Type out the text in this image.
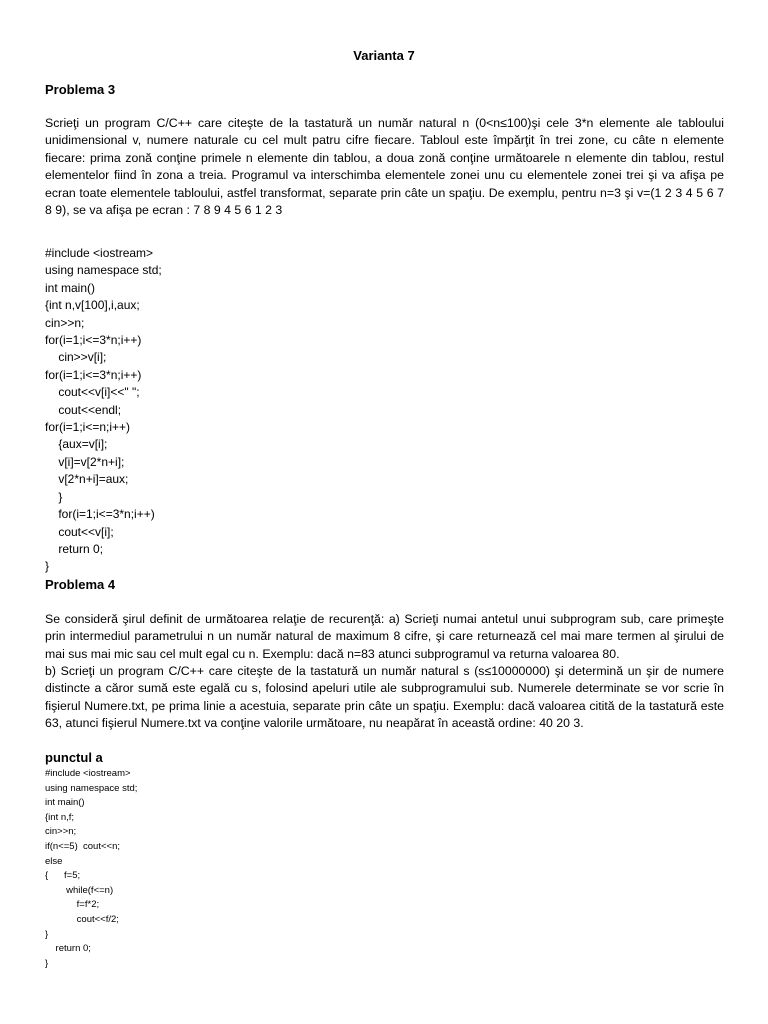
Varianta 7
Problema 3
Scrieţi un program C/C++ care citeşte de la tastatură un număr natural n (0<n≤100)şi cele 3*n elemente ale tabloului unidimensional v, numere naturale cu cel mult patru cifre fiecare. Tabloul este împărţit în trei zone, cu câte n elemente fiecare: prima zonă conţine primele n elemente din tablou, a doua zonă conţine următoarele n elemente din tablou, restul elementelor fiind în zona a treia. Programul va interschimba elementele zonei unu cu elementele zonei trei şi va afişa pe ecran toate elementele tabloului, astfel transformat, separate prin câte un spaţiu. De exemplu, pentru n=3 şi v=(1 2 3 4 5 6 7 8 9), se va afişa pe ecran : 7 8 9 4 5 6 1 2 3
#include <iostream>
using namespace std;
int main()
{int n,v[100],i,aux;
cin>>n;
for(i=1;i<=3*n;i++)
cin>>v[i];
for(i=1;i<=3*n;i++)
cout<<v[i]<<" ";
cout<<endl;
for(i=1;i<=n;i++)
{aux=v[i];
v[i]=v[2*n+i];
v[2*n+i]=aux;
}
for(i=1;i<=3*n;i++)
cout<<v[i];
return 0;
}
Problema 4
Se consideră şirul definit de următoarea relaţie de recurenţă: a) Scrieţi numai antetul unui subprogram sub, care primeşte prin intermediul parametrului n un număr natural de maximum 8 cifre, şi care returnează cel mai mare termen al şirului de mai sus mai mic sau cel mult egal cu n. Exemplu: dacă n=83 atunci subprogramul va returna valoarea 80.
b) Scrieţi un program C/C++ care citeşte de la tastatură un număr natural s (s≤10000000) şi determină un şir de numere distincte a căror sumă este egală cu s, folosind apeluri utile ale subprogramului sub. Numerele determinate se vor scrie în fişierul Numere.txt, pe prima linie a acestuia, separate prin câte un spaţiu. Exemplu: dacă valoarea citită de la tastatură este 63, atunci fişierul Numere.txt va conţine valorile următoare, nu neapărat în această ordine: 40 20 3.
punctul a
#include <iostream>
using namespace std;
int main()
{int n,f;
cin>>n;
if(n<=5)  cout<<n;
else
{      f=5;
while(f<=n)
f=f*2;
cout<<f/2;
}
return 0;
}
